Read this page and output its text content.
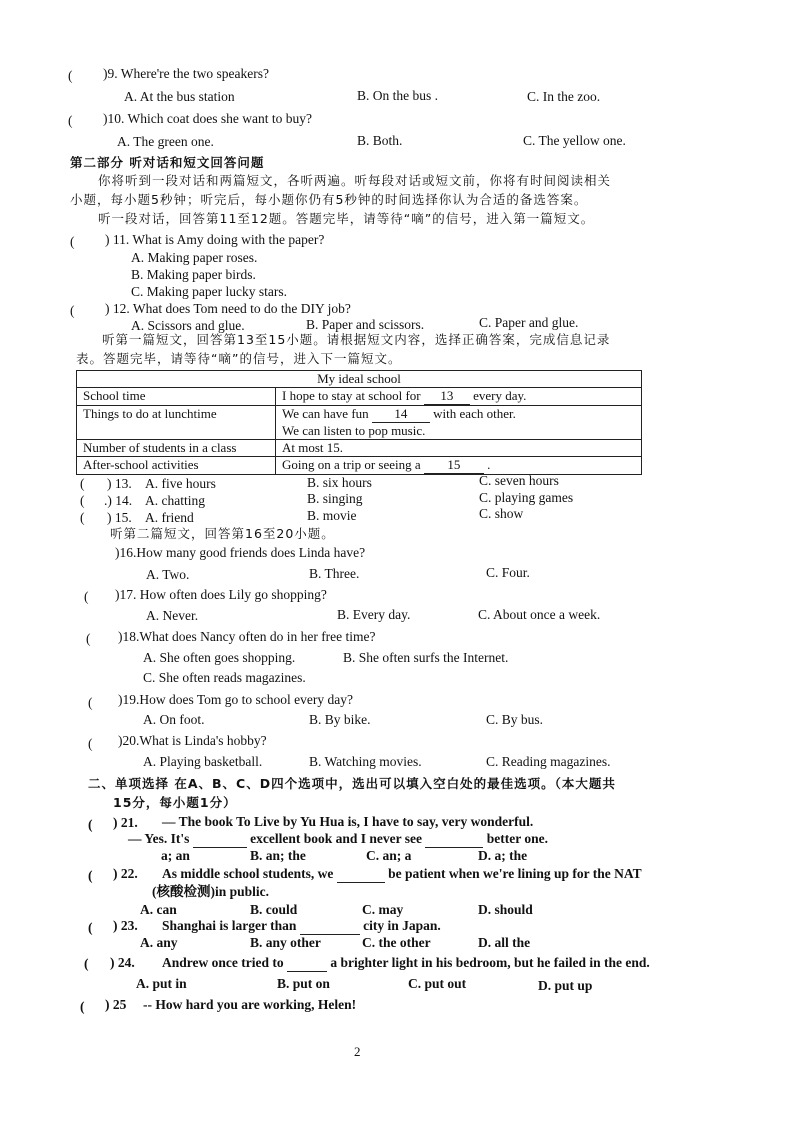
( )9. Where're the two speakers?
A. At the bus station	B. On the bus .	C. In the zoo.
( )10. Which coat does she want to buy?
A. The green one.	B. Both.	C. The yellow one.
第二部分 听对话和短文回答问题
你将听到一段对话和两篇短文，各听两遍。听每段对话或短文前，你将有时间阅读相关
小题，每小题5秒钟；听完后，每小题你仍有5秒钟的时间选择你认为合适的备选答案。
听一段对话，回答第11至12题。答题完毕，请等待“嘀”的信号，进入第一篇短文。
( ) 11. What is Amy doing with the paper?
A. Making paper roses.
B. Making paper birds.
C. Making paper lucky stars.
( ) 12. What does Tom need to do the DIY job?
A. Scissors and glue.	B. Paper and scissors.	C. Paper and glue.
听第一篇短文，回答第13至15小题。请根据短文内容，选择正确答案，完成信息记录
表。答题完毕，请等待“嘀”的信号，进入下一篇短文。
My ideal school	
School time	I hope to stay at school for 13 every day.
Things to do at lunchtime	We can have fun 14 with each other.
We can listen to pop music.
Number of students in a class	At most 15.
After-school activities	Going on a trip or seeing a 15 .
( ) 13. A. five hours	B. six hours	C. seven hours
( .) 14. A. chatting	B. singing	C. playing games
( ) 15. A. friend	B. movie	C. show
听第二篇短文，回答第16至20小题。
)16.How many good friends does Linda have?
A. Two.	B. Three.	C. Four.
( )17. How often does Lily go shopping?
A. Never.	B. Every day.	C. About once a week.
( )18.What does Nancy often do in her free time?
A. She often goes shopping.	B. She often surfs the Internet.
C. She often reads magazines.
( )19.How does Tom go to school every day?
A. On foot.	B. By bike.	C. By bus.
( )20.What is Linda's hobby?
A. Playing basketball.	B. Watching movies.	C. Reading magazines.
二、单项选择 在A、B、C、D四个选项中，选出可以填入空白处的最佳选项。（本大题共
15分，每小题1分）
( ) 21. — The book To Live by Yu Hua is, I have to say, very wonderful.
— Yes. It's	excellent book and I never see	better one.
a; an	B. an; the	C. an; a	D. a; the
( ) 22. As middle school students, we	be patient when we're lining up for the NAT
(核酸检测)in public.
A. can	B. could	C. may	D. should
( ) 23. Shanghai is larger than	city in Japan.
A. any	B. any other	C. the other	D. all the
( ) 24. Andrew once tried to	a brighter light in his bedroom, but he failed in the end.
A. put in	B. put on	C. put out	D. put up
( ) 25 -- How hard you are working, Helen!
2
